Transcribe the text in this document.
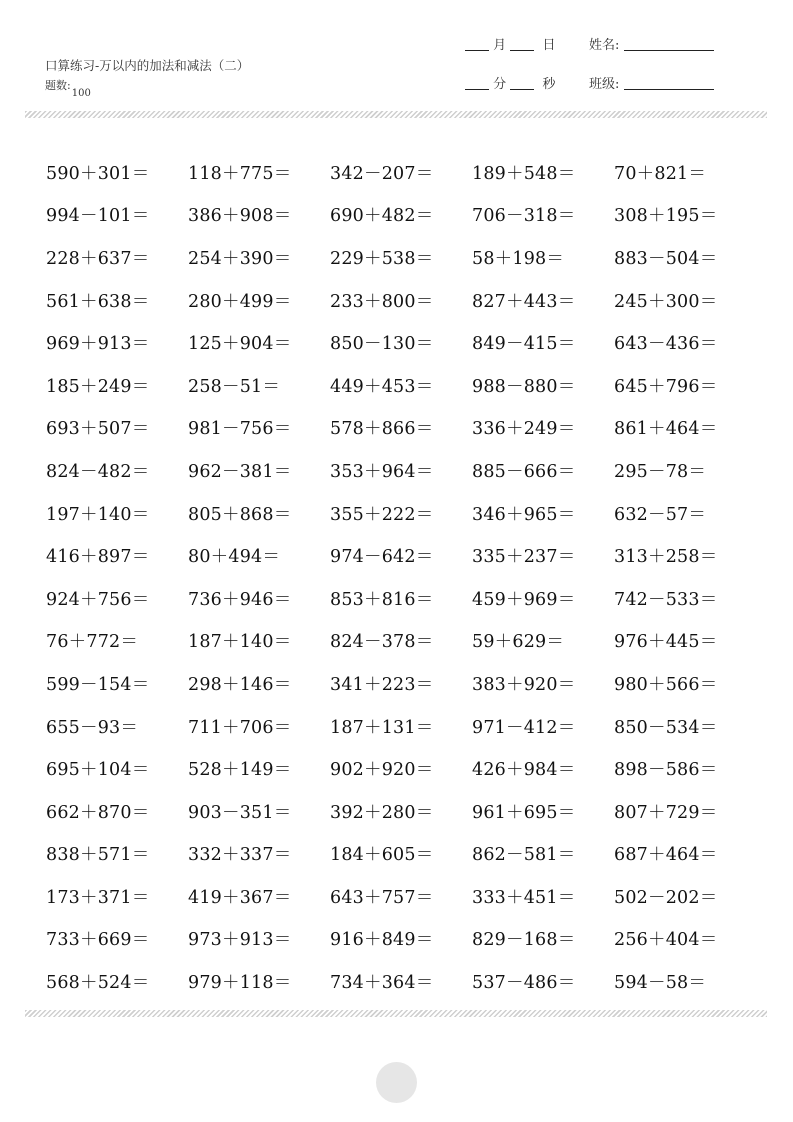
口算练习-万以内的加法和减法（二）
题数:100
月	日	姓名:
分	秒	班级:
590＋301＝	118＋775＝	342－207＝	189＋548＝	70＋821＝
994－101＝	386＋908＝	690＋482＝	706－318＝	308＋195＝
228＋637＝	254＋390＝	229＋538＝	58＋198＝	883－504＝
561＋638＝	280＋499＝	233＋800＝	827＋443＝	245＋300＝
969＋913＝	125＋904＝	850－130＝	849－415＝	643－436＝
185＋249＝	258－51＝	449＋453＝	988－880＝	645＋796＝
693＋507＝	981－756＝	578＋866＝	336＋249＝	861＋464＝
824－482＝	962－381＝	353＋964＝	885－666＝	295－78＝
197＋140＝	805＋868＝	355＋222＝	346＋965＝	632－57＝
416＋897＝	80＋494＝	974－642＝	335＋237＝	313＋258＝
924＋756＝	736＋946＝	853＋816＝	459＋969＝	742－533＝
76＋772＝	187＋140＝	824－378＝	59＋629＝	976＋445＝
599－154＝	298＋146＝	341＋223＝	383＋920＝	980＋566＝
655－93＝	711＋706＝	187＋131＝	971－412＝	850－534＝
695＋104＝	528＋149＝	902＋920＝	426＋984＝	898－586＝
662＋870＝	903－351＝	392＋280＝	961＋695＝	807＋729＝
838＋571＝	332＋337＝	184＋605＝	862－581＝	687＋464＝
173＋371＝	419＋367＝	643＋757＝	333＋451＝	502－202＝
733＋669＝	973＋913＝	916＋849＝	829－168＝	256＋404＝
568＋524＝	979＋118＝	734＋364＝	537－486＝	594－58＝
